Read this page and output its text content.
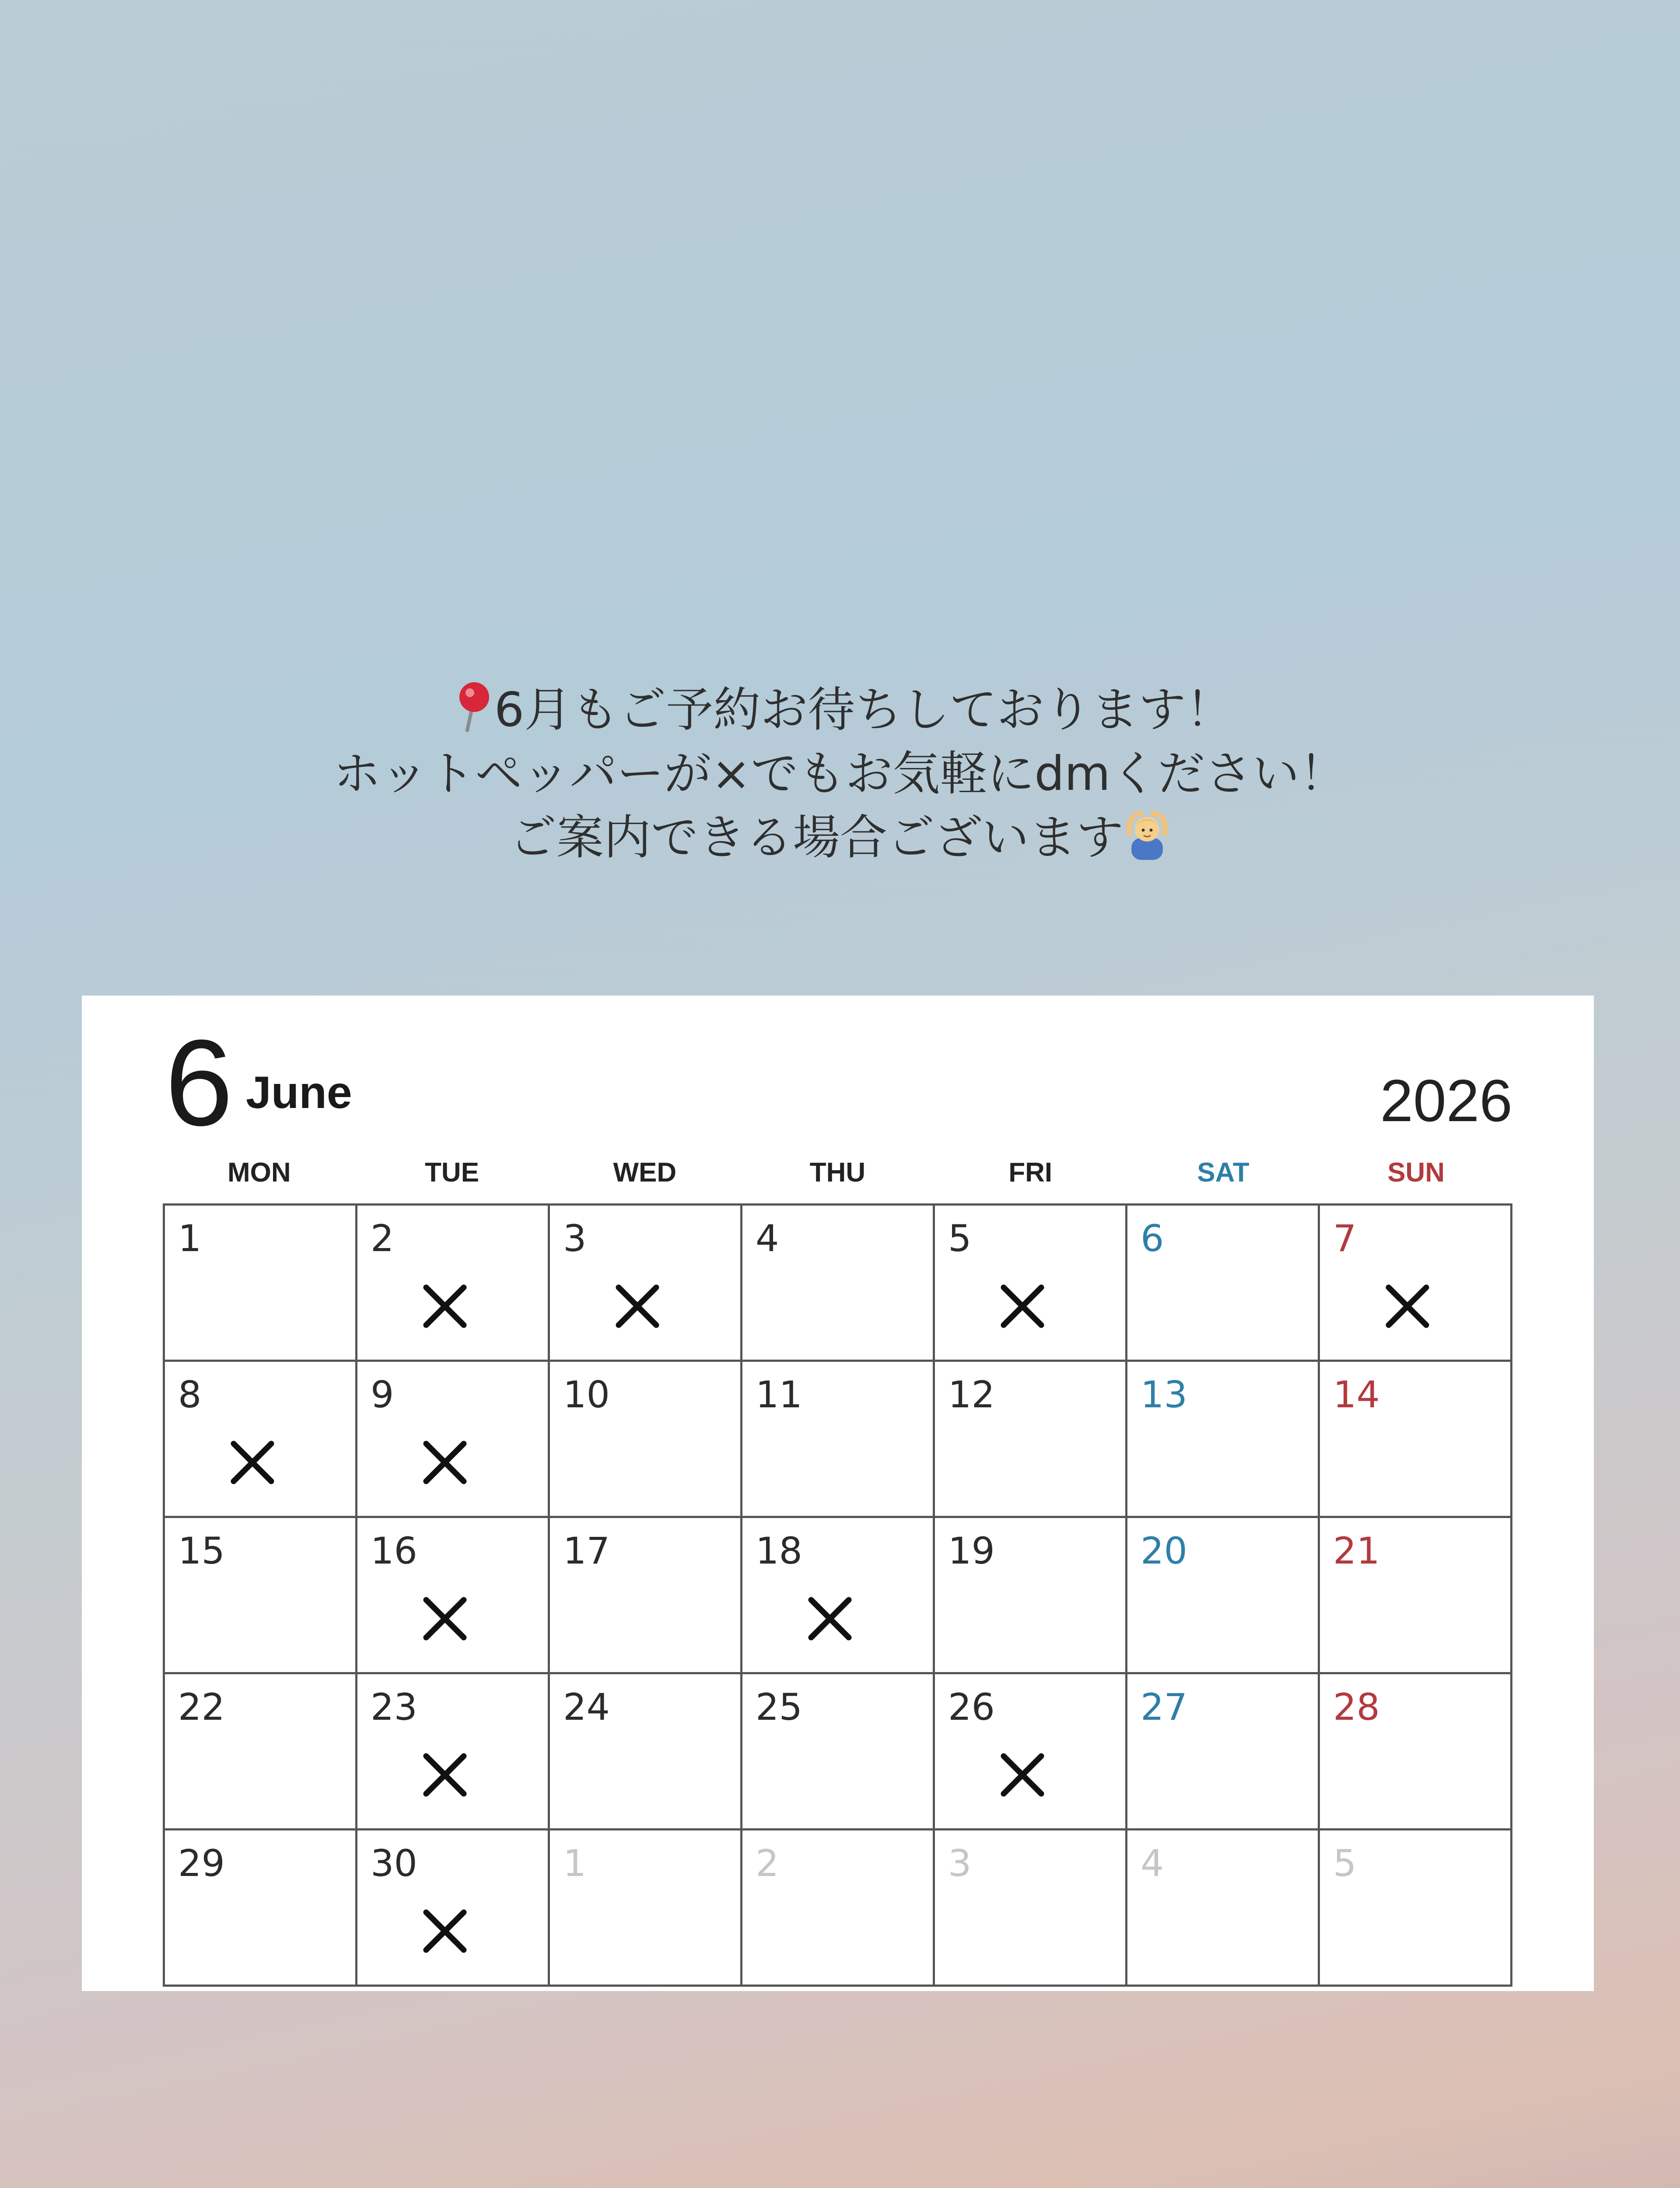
6月もご予約お待ちしております！
ホットペッパーが×でもお気軽にdmください！
ご案内できる場合ございます
6 June	2026
MON	TUE	WED	THU	FRI	SAT	SUN
1	2	3	4	5	6	7
8	9	10	11	12	13	14
15	16	17	18	19	20	21
22	23	24	25	26	27	28
29	30	1	2	3	4	5
